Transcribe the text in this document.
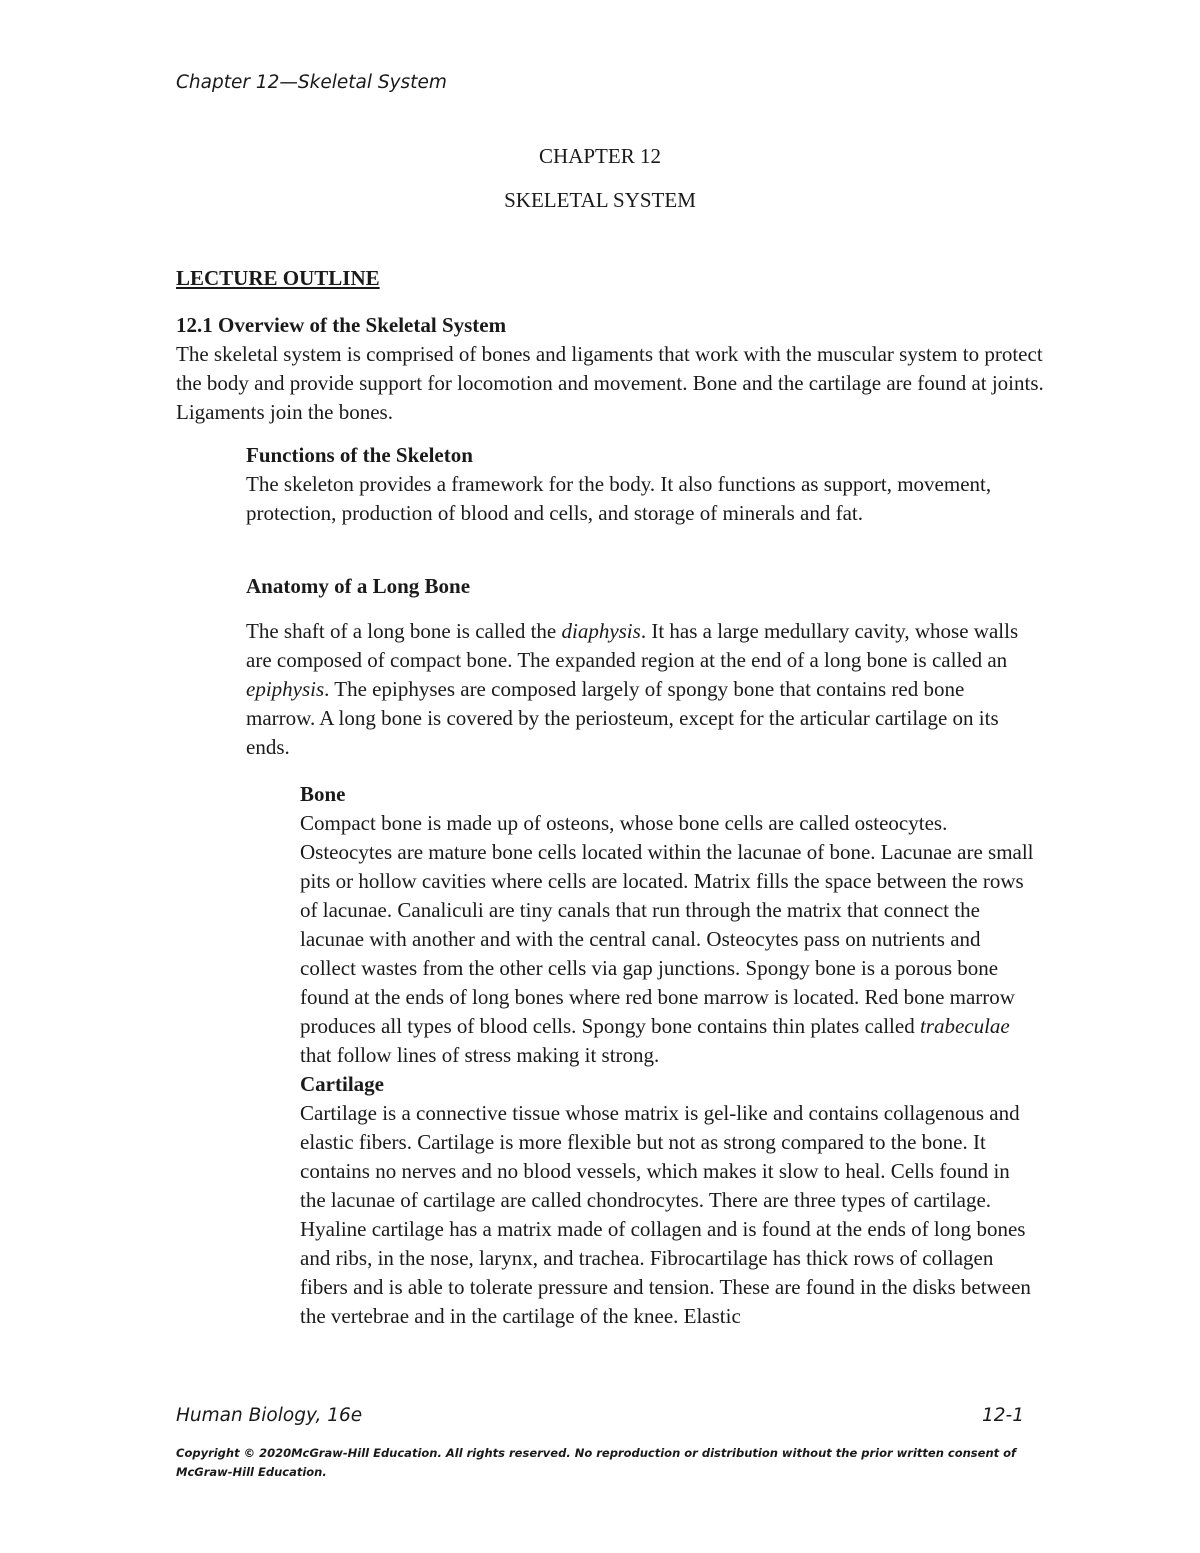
Chapter 12—Skeletal System
CHAPTER 12
SKELETAL SYSTEM
LECTURE OUTLINE
12.1 Overview of the Skeletal System

The skeletal system is comprised of bones and ligaments that work with the muscular system to protect the body and provide support for locomotion and movement. Bone and the cartilage are found at joints. Ligaments join the bones.

Functions of the Skeleton

The skeleton provides a framework for the body. It also functions as support, movement, protection, production of blood and cells, and storage of minerals and fat.

Anatomy of a Long Bone

The shaft of a long bone is called the diaphysis. It has a large medullary cavity, whose walls are composed of compact bone. The expanded region at the end of a long bone is called an epiphysis. The epiphyses are composed largely of spongy bone that contains red bone marrow. A long bone is covered by the periosteum, except for the articular cartilage on its ends.

Bone

Compact bone is made up of osteons, whose bone cells are called osteocytes. Osteocytes are mature bone cells located within the lacunae of bone. Lacunae are small pits or hollow cavities where cells are located. Matrix fills the space between the rows of lacunae. Canaliculi are tiny canals that run through the matrix that connect the lacunae with another and with the central canal. Osteocytes pass on nutrients and collect wastes from the other cells via gap junctions. Spongy bone is a porous bone found at the ends of long bones where red bone marrow is located. Red bone marrow produces all types of blood cells. Spongy bone contains thin plates called trabeculae that follow lines of stress making it strong.

Cartilage

Cartilage is a connective tissue whose matrix is gel-like and contains collagenous and elastic fibers. Cartilage is more flexible but not as strong compared to the bone. It contains no nerves and no blood vessels, which makes it slow to heal. Cells found in the lacunae of cartilage are called chondrocytes. There are three types of cartilage. Hyaline cartilage has a matrix made of collagen and is found at the ends of long bones and ribs, in the nose, larynx, and trachea. Fibrocartilage has thick rows of collagen fibers and is able to tolerate pressure and tension. These are found in the disks between the vertebrae and in the cartilage of the knee. Elastic

Human Biology, 16e	12-1
Copyright © 2020McGraw-Hill Education. All rights reserved. No reproduction or distribution without the prior written consent of McGraw-Hill Education.
